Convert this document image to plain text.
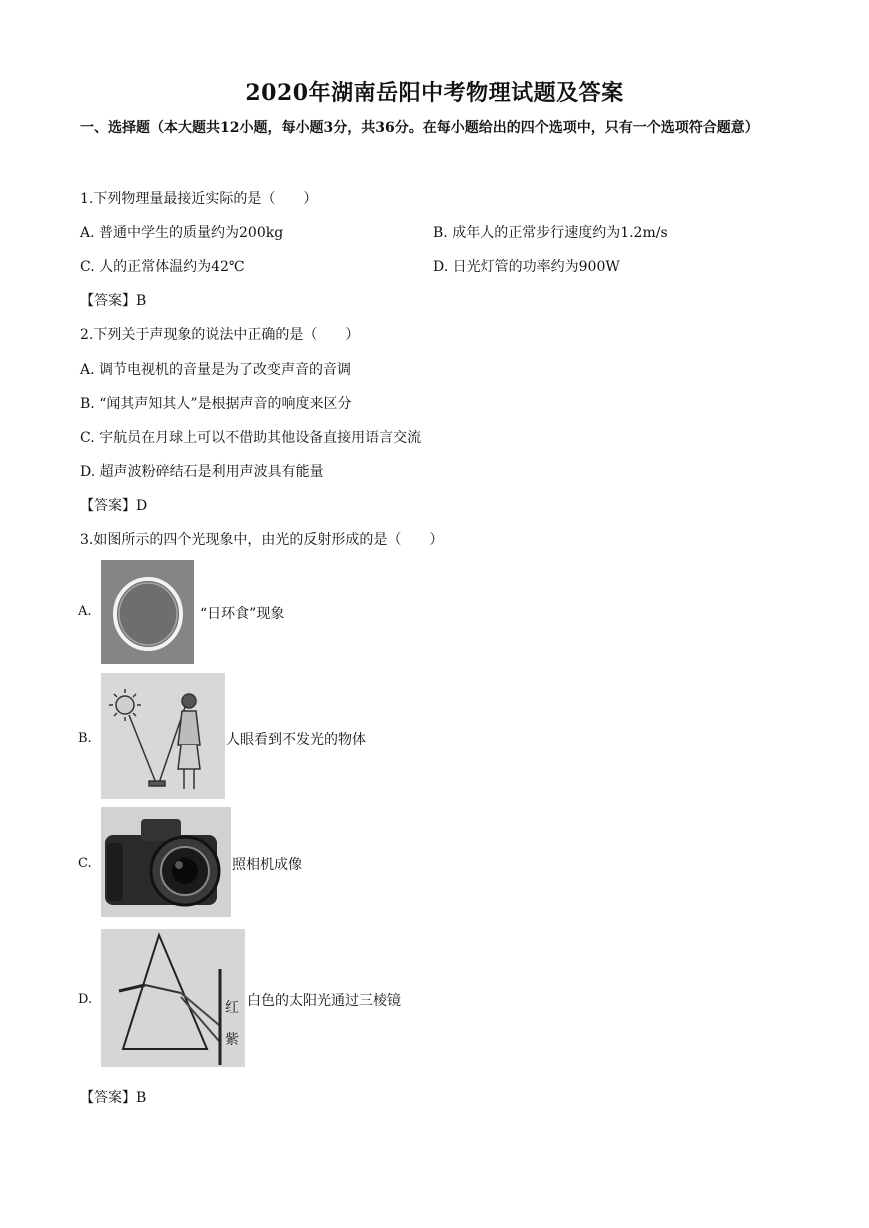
2020年湖南岳阳中考物理试题及答案
一、选择题（本大题共12小题，每小题3分，共36分。在每小题给出的四个选项中，只有一个选项符合题意）
1.下列物理量最接近实际的是（　　）
A. 普通中学生的质量约为200kg	B. 成年人的正常步行速度约为1.2m/s
C. 人的正常体温约为42℃	D. 日光灯管的功率约为900W
【答案】B
2.下列关于声现象的说法中正确的是（　　）
A. 调节电视机的音量是为了改变声音的音调
B. “闻其声知其人”是根据声音的响度来区分
C. 宇航员在月球上可以不借助其他设备直接用语言交流
D. 超声波粉碎结石是利用声波具有能量
【答案】D
3.如图所示的四个光现象中，由光的反射形成的是（　　）
A.	“日环食”现象
B.	人眼看到不发光的物体
C.	照相机成像
D.
红
紫
白色的太阳光通过三棱镜
【答案】B
